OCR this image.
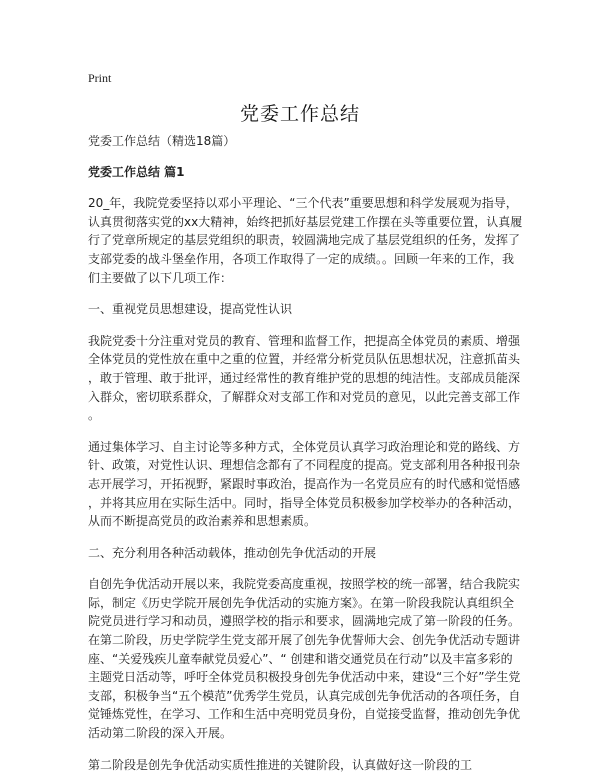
Print
党委工作总结

党委工作总结（精选18篇）

党委工作总结 篇1

20_年，我院党委坚持以邓小平理论、“三个代表”重要思想和科学发展观为指导，
认真贯彻落实党的xx大精神，始终把抓好基层党建工作摆在头等重要位置，认真履
行了党章所规定的基层党组织的职责，较圆满地完成了基层党组织的任务，发挥了
支部党委的战斗堡垒作用，各项工作取得了一定的成绩。。回顾一年来的工作，我
们主要做了以下几项工作：
一、重视党员思想建设，提高党性认识
我院党委十分注重对党员的教育、管理和监督工作，把提高全体党员的素质、增强
全体党员的党性放在重中之重的位置，并经常分析党员队伍思想状况，注意抓苗头
，敢于管理、敢于批评，通过经常性的教育维护党的思想的纯洁性。支部成员能深
入群众，密切联系群众，了解群众对支部工作和对党员的意见，以此完善支部工作
。
通过集体学习、自主讨论等多种方式，全体党员认真学习政治理论和党的路线、方
针、政策，对党性认识、理想信念都有了不同程度的提高。党支部利用各种报刊杂
志开展学习，开拓视野，紧跟时事政治，提高作为一名党员应有的时代感和觉悟感
，并将其应用在实际生活中。同时，指导全体党员积极参加学校举办的各种活动，
从而不断提高党员的政治素养和思想素质。
二、充分利用各种活动载体，推动创先争优活动的开展
自创先争优活动开展以来，我院党委高度重视，按照学校的统一部署，结合我院实
际，制定《历史学院开展创先争优活动的实施方案》。在第一阶段我院认真组织全
院党员进行学习和动员，遵照学校的指示和要求，圆满地完成了第一阶段的任务。
在第二阶段，历史学院学生党支部开展了创先争优誓师大会、创先争优活动专题讲
座、“关爱残疾儿童奉献党员爱心”、“ 创建和谐交通党员在行动”以及丰富多彩的
主题党日活动等，呼吁全体党员积极投身创先争优活动中来，建设“三个好”学生党
支部，积极争当“五个模范”优秀学生党员，认真完成创先争优活动的各项任务，自
觉锤炼党性，在学习、工作和生活中亮明党员身份，自觉接受监督，推动创先争优
活动第二阶段的深入开展。
第二阶段是创先争优活动实质性推进的关键阶段，认真做好这一阶段的工
